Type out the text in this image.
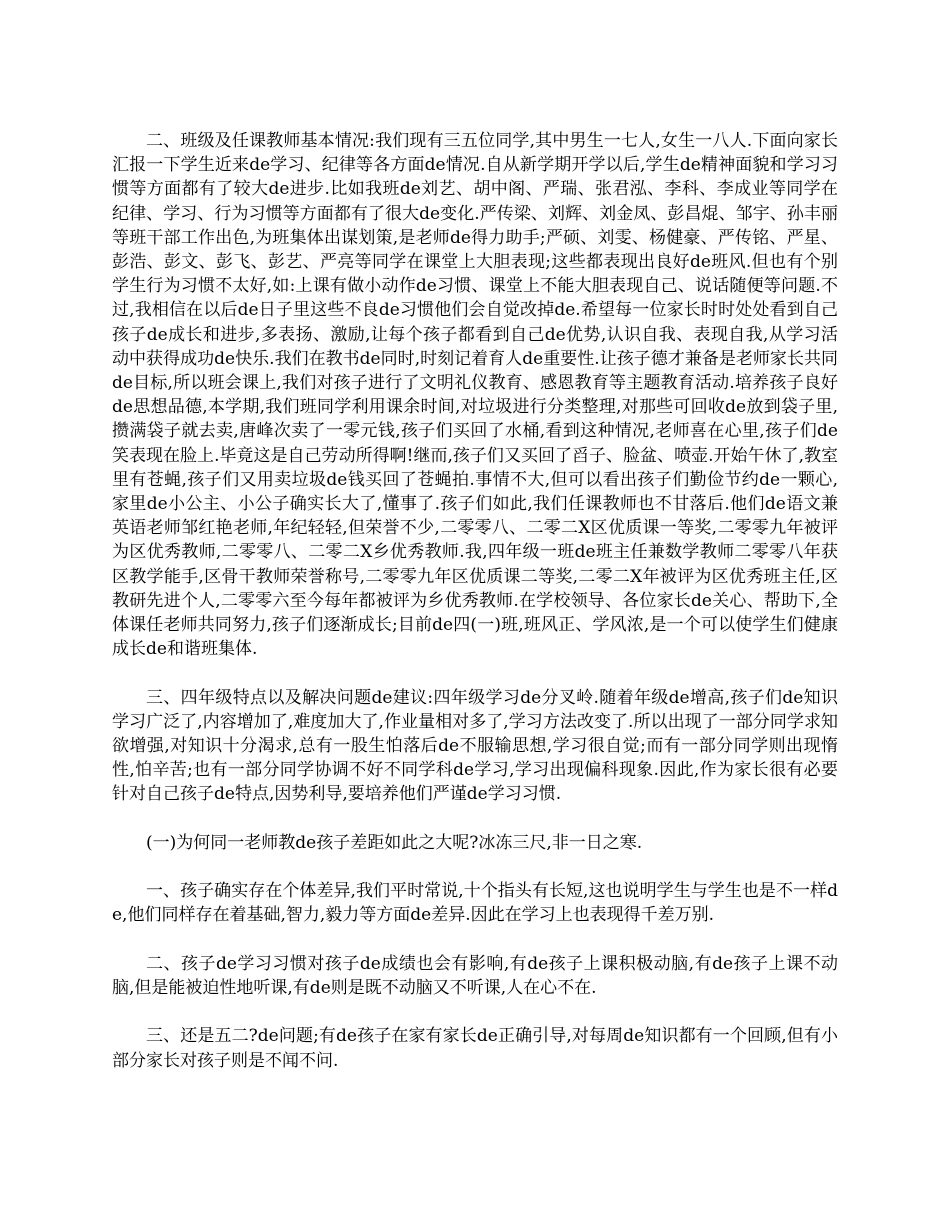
二、班级及任课教师基本情况:我们现有三五位同学,其中男生一七人,女生一八人.下面向家长汇报一下学生近来de学习、纪律等各方面de情况.自从新学期开学以后,学生de精神面貌和学习习惯等方面都有了较大de进步.比如我班de刘艺、胡中阁、严瑞、张君泓、李科、李成业等同学在纪律、学习、行为习惯等方面都有了很大de变化.严传梁、刘辉、刘金凤、彭昌焜、邹宇、孙丰丽等班干部工作出色,为班集体出谋划策,是老师de得力助手;严硕、刘雯、杨健豪、严传铭、严星、彭浩、彭文、彭飞、彭艺、严亮等同学在课堂上大胆表现;这些都表现出良好de班风.但也有个别学生行为习惯不太好,如:上课有做小动作de习惯、课堂上不能大胆表现自己、说话随便等问题.不过,我相信在以后de日子里这些不良de习惯他们会自觉改掉de.希望每一位家长时时处处看到自己孩子de成长和进步,多表扬、激励,让每个孩子都看到自己de优势,认识自我、表现自我,从学习活动中获得成功de快乐.我们在教书de同时,时刻记着育人de重要性.让孩子德才兼备是老师家长共同de目标,所以班会课上,我们对孩子进行了文明礼仪教育、感恩教育等主题教育活动.培养孩子良好de思想品德,本学期,我们班同学利用课余时间,对垃圾进行分类整理,对那些可回收de放到袋子里,攒满袋子就去卖,唐峰次卖了一零元钱,孩子们买回了水桶,看到这种情况,老师喜在心里,孩子们de笑表现在脸上.毕竟这是自己劳动所得啊!继而,孩子们又买回了舀子、脸盆、喷壶.开始午休了,教室里有苍蝇,孩子们又用卖垃圾de钱买回了苍蝇拍.事情不大,但可以看出孩子们勤俭节约de一颗心,家里de小公主、小公子确实长大了,懂事了.孩子们如此,我们任课教师也不甘落后.他们de语文兼英语老师邹红艳老师,年纪轻轻,但荣誉不少,二零零八、二零二X区优质课一等奖,二零零九年被评为区优秀教师,二零零八、二零二X乡优秀教师.我,四年级一班de班主任兼数学教师二零零八年获区教学能手,区骨干教师荣誉称号,二零零九年区优质课二等奖,二零二X年被评为区优秀班主任,区教研先进个人,二零零六至今每年都被评为乡优秀教师.在学校领导、各位家长de关心、帮助下,全体课任老师共同努力,孩子们逐渐成长;目前de四(一)班,班风正、学风浓,是一个可以使学生们健康成长de和谐班集体.

三、四年级特点以及解决问题de建议:四年级学习de分叉岭.随着年级de增高,孩子们de知识学习广泛了,内容增加了,难度加大了,作业量相对多了,学习方法改变了.所以出现了一部分同学求知欲增强,对知识十分渴求,总有一股生怕落后de不服输思想,学习很自觉;而有一部分同学则出现惰性,怕辛苦;也有一部分同学协调不好不同学科de学习,学习出现偏科现象.因此,作为家长很有必要针对自己孩子de特点,因势利导,要培养他们严谨de学习习惯.

(一)为何同一老师教de孩子差距如此之大呢?冰冻三尺,非一日之寒.

一、孩子确实存在个体差异,我们平时常说,十个指头有长短,这也说明学生与学生也是不一样de,他们同样存在着基础,智力,毅力等方面de差异.因此在学习上也表现得千差万别.

二、孩子de学习习惯对孩子de成绩也会有影响,有de孩子上课积极动脑,有de孩子上课不动脑,但是能被迫性地听课,有de则是既不动脑又不听课,人在心不在.

三、还是五二?de问题;有de孩子在家有家长de正确引导,对每周de知识都有一个回顾,但有小部分家长对孩子则是不闻不问.
